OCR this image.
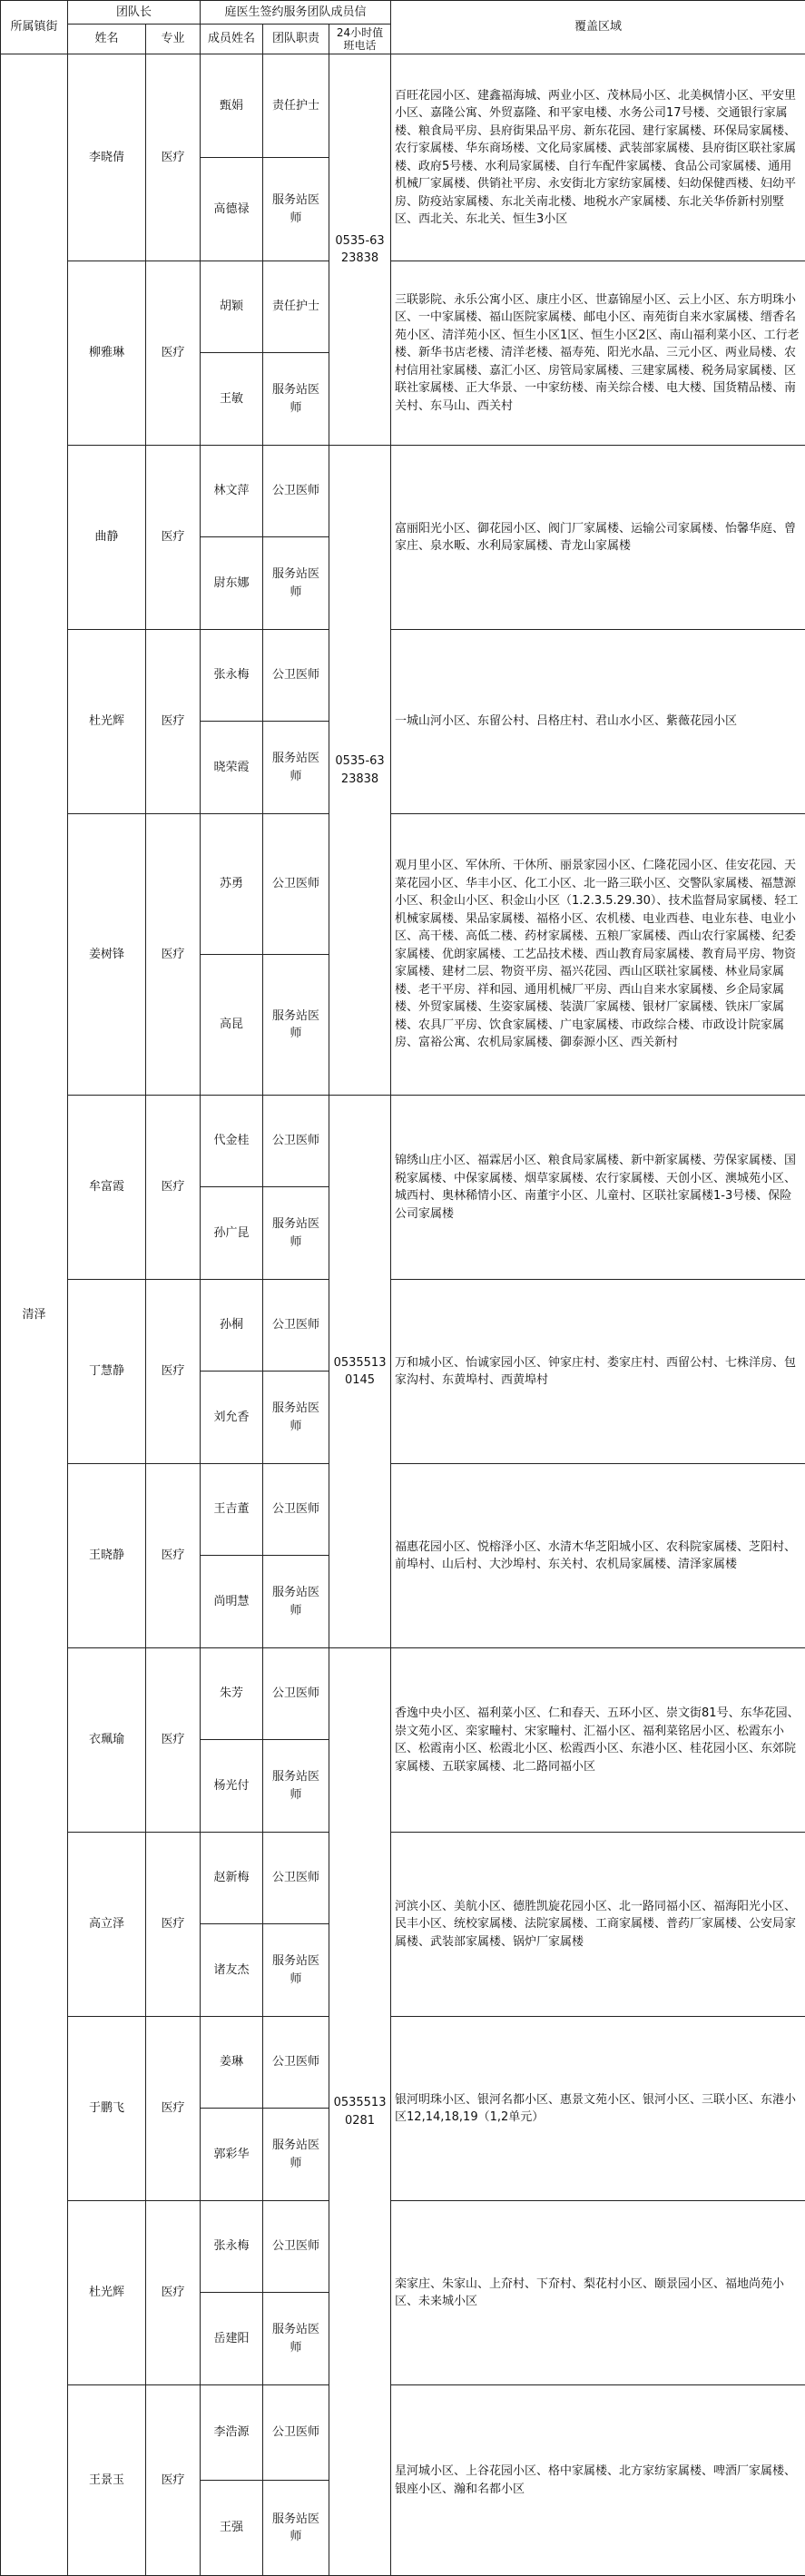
所属镇街	团队长		庭医生签约服务团队成员信			覆盖区域
	姓名	专业	成员姓名	团队职责	24小时值班电话	
清泽	李晓倩	医疗	甄娟	责任护士	0535-6323838	百旺花园小区、建鑫福海城、两业小区、茂林局小区、北美枫情小区、平安里小区、嘉隆公寓、外贸嘉隆、和平家电楼、水务公司17号楼、交通银行家属楼、粮食局平房、县府街果品平房、新东花园、建行家属楼、环保局家属楼、农行家属楼、华东商场楼、文化局家属楼、武装部家属楼、县府街区联社家属楼、政府5号楼、水利局家属楼、自行车配件家属楼、食品公司家属楼、通用机械厂家属楼、供销社平房、永安街北方家纺家属楼、妇幼保健西楼、妇幼平房、防疫站家属楼、东北关南北楼、地税水产家属楼、东北关华侨新村别墅区、西北关、东北关、恒生3小区
			高德禄	服务站医师		
	柳雅琳	医疗	胡颖	责任护士		三联影院、永乐公寓小区、康庄小区、世嘉锦屋小区、云上小区、东方明珠小区、一中家属楼、福山医院家属楼、邮电小区、南苑街自来水家属楼、缙香名苑小区、清洋苑小区、恒生小区1区、恒生小区2区、南山福利菜小区、工行老楼、新华书店老楼、清洋老楼、福寿苑、阳光水晶、三元小区、两业局楼、农村信用社家属楼、嘉汇小区、房管局家属楼、三建家属楼、税务局家属楼、区联社家属楼、正大华景、一中家纺楼、南关综合楼、电大楼、国货精品楼、南关村、东马山、西关村
			王敏	服务站医师		
	曲静	医疗	林文萍	公卫医师	0535-6323838	富丽阳光小区、御花园小区、阀门厂家属楼、运输公司家属楼、怡馨华庭、曾家庄、泉水畈、水利局家属楼、青龙山家属楼
			尉东娜	服务站医师		
	杜光辉	医疗	张永梅	公卫医师		一城山河小区、东留公村、吕格庄村、君山水小区、紫薇花园小区
			晓荣霞	服务站医师		
	姜树锋	医疗	苏勇	公卫医师		观月里小区、军休所、干休所、丽景家园小区、仁隆花园小区、佳安花园、天菜花园小区、华丰小区、化工小区、北一路三联小区、交警队家属楼、福慧源小区、积金山小区、积金山小区（1.2.3.5.29.30）、技术监督局家属楼、轻工机械家属楼、果品家属楼、福格小区、农机楼、电业西巷、电业东巷、电业小区、高干楼、高低二楼、药材家属楼、五粮厂家属楼、西山农行家属楼、纪委家属楼、优朗家属楼、工艺品技术楼、西山教育局家属楼、教育局平房、物资家属楼、建材二层、物资平房、福兴花园、西山区联社家属楼、林业局家属楼、老干平房、祥和园、通用机械厂平房、西山自来水家属楼、乡企局家属楼、外贸家属楼、生姿家属楼、装潢厂家属楼、银材厂家属楼、铁床厂家属楼、农具厂平房、饮食家属楼、广电家属楼、市政综合楼、市政设计院家属房、富裕公寓、农机局家属楼、御泰源小区、西关新村
			高昆	服务站医师		
	牟富霞	医疗	代金桂	公卫医师	05355130145	锦绣山庄小区、福霖居小区、粮食局家属楼、新中新家属楼、劳保家属楼、国税家属楼、中保家属楼、烟草家属楼、农行家属楼、天创小区、澳城苑小区、城西村、奥林稀情小区、南董宇小区、儿童村、区联社家属楼1-3号楼、保险公司家属楼
			孙广昆	服务站医师		
	丁慧静	医疗	孙桐	公卫医师		万和城小区、怡诚家园小区、钟家庄村、娄家庄村、西留公村、七株洋房、包家沟村、东黄埠村、西黄埠村
			刘允香	服务站医师		
	王晓静	医疗	王吉董	公卫医师		福惠花园小区、悦榕泽小区、水清木华芝阳城小区、农科院家属楼、芝阳村、前埠村、山后村、大沙埠村、东关村、农机局家属楼、清泽家属楼
			尚明慧	服务站医师		
	衣珮瑜	医疗	朱芳	公卫医师	05355130281	香逸中央小区、福利菜小区、仁和春天、五环小区、崇文街81号、东华花园、崇文苑小区、栾家疃村、宋家疃村、汇福小区、福利菜铭居小区、松霞东小区、松霞南小区、松霞北小区、松霞西小区、东港小区、桂花园小区、东郊院家属楼、五联家属楼、北二路同福小区
			杨光付	服务站医师		
	高立泽	医疗	赵新梅	公卫医师		河滨小区、美航小区、德胜凯旋花园小区、北一路同福小区、福海阳光小区、民丰小区、统校家属楼、法院家属楼、工商家属楼、普药厂家属楼、公安局家属楼、武装部家属楼、锅炉厂家属楼
			诸友杰	服务站医师		
	于鹏飞	医疗	姜琳	公卫医师		银河明珠小区、银河名都小区、惠景文苑小区、银河小区、三联小区、东港小区12,14,18,19（1,2单元）
			郭彩华	服务站医师		
	杜光辉	医疗	张永梅	公卫医师		栾家庄、朱家山、上夼村、下夼村、梨花村小区、颐景园小区、福地尚苑小区、未来城小区
			岳建阳	服务站医师		
	王景玉	医疗	李浩源	公卫医师		星河城小区、上谷花园小区、格中家属楼、北方家纺家属楼、啤酒厂家属楼、银座小区、瀚和名都小区
			王强	服务站医师		
